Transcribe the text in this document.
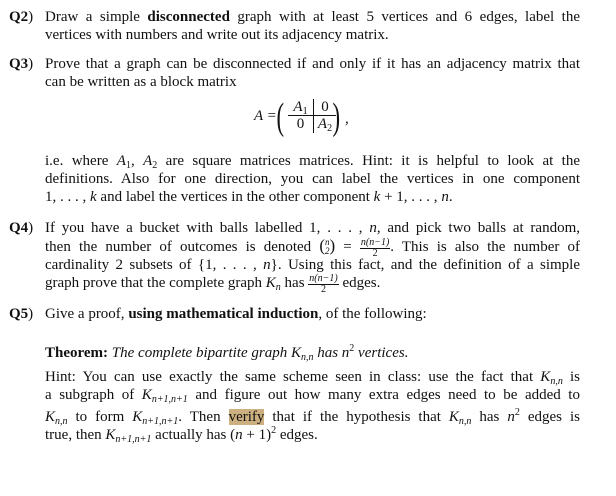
Q2) Draw a simple disconnected graph with at least 5 vertices and 6 edges, label the
vertices with numbers and write out its adjacency matrix.
Q3) Prove that a graph can be disconnected if and only if it has an adjacency matrix that
can be written as a block matrix
A = ( $A_1$ 0
0 $A_2$ ) ,
i.e. where $A_1$, $A_2$ are square matrices matrices. Hint: it is helpful to look at the
definitions. Also for one direction, you can label the vertices in one component
1, . . . , k and label the vertices in the other component k + 1, . . . , n.
Q4) If you have a bucket with balls labelled 1, . . . , n, and pick two balls at random,
then the number of outcomes is denoted ( n
2 ) = $\frac{n(n-1)}{2}$ . This is also the number of
cardinality 2 subsets of {1, . . . , n}. Using this fact, and the definition of a simple
graph prove that the complete graph $K_n$ has $\frac{n(n-1)}{2}$ edges.
Q5) Give a proof, using mathematical induction, of the following:
Theorem: The complete bipartite graph $K_{n,n}$ has $n^2$ vertices.
Hint: You can use exactly the same scheme seen in class: use the fact that $K_{n,n}$ is
a subgraph of $K_{n+1,n+1}$ and figure out how many extra edges need to be added to
$K_{n,n}$ to form $K_{n+1,n+1}$. Then verify that if the hypothesis that $K_{n,n}$ has $n^2$ edges is
true, then $K_{n+1,n+1}$ actually has $(n + 1)^2$ edges.
